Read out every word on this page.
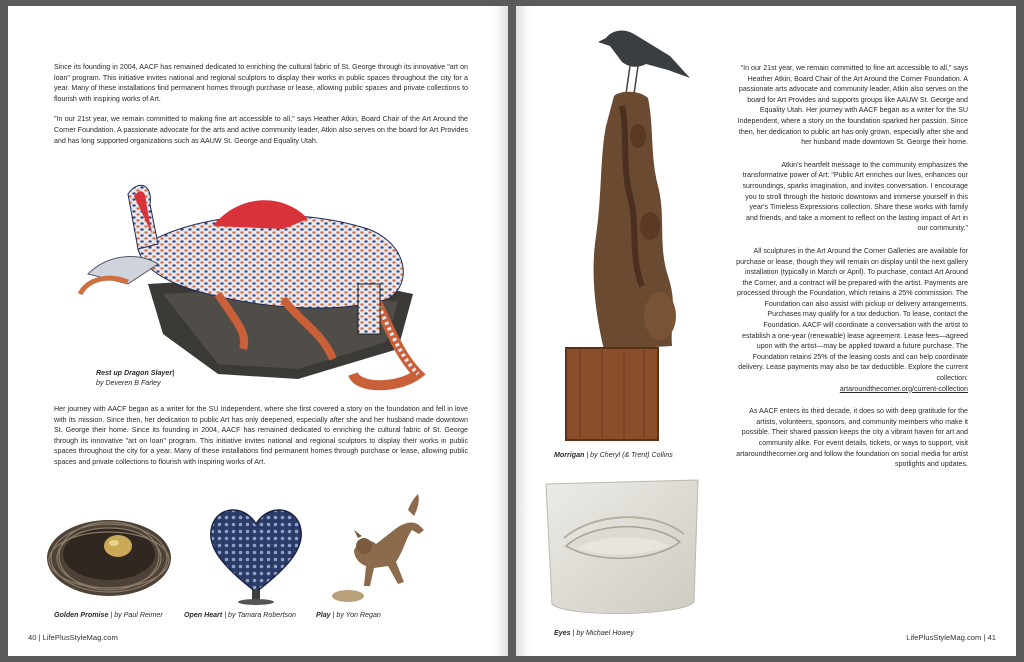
Since its founding in 2004, AACF has remained dedicated to enriching the cultural fabric of St. George through its innovative "art on loan" program. This initiative invites national and regional sculptors to display their works in public spaces throughout the city for a year. Many of these installations find permanent homes through purchase or lease, allowing public spaces and private collections to flourish with inspiring works of Art.

"In our 21st year, we remain committed to making fine art accessible to all," says Heather Atkin, Board Chair of the Art Around the Corner Foundation. A passionate advocate for the arts and active community leader, Atkin also serves on the board for Art Provides and has long supported organizations such as AAUW St. George and Equality Utah.

Rest up Dragon Slayer|
by Deveren B Farley

Her journey with AACF began as a writer for the SU Independent, where she first covered a story on the foundation and fell in love with its mission. Since then, her dedication to public Art has only deepened, especially after she and her husband made downtown St. George their home. Since its founding in 2004, AACF has remained dedicated to enriching the cultural fabric of St. George through its innovative "art on loan" program. This initiative invites national and regional sculptors to display their works in public spaces throughout the city for a year. Many of these installations find permanent homes through purchase or lease, allowing public spaces and private collections to flourish with inspiring works of Art.

Golden Promise | by Paul Reimer	Open Heart | by Tamara Robertson	Play | by Yon Regan
40 | LifePlusStyleMag.com
Morrigan | by Cheryl (& Trent) Collins
Eyes | by Michael Howey

"In our 21st year, we remain committed to fine art accessible to all," says Heather Atkin, Board Chair of the Art Around the Corner Foundation. A passionate arts advocate and community leader, Atkin also serves on the board for Art Provides and supports groups like AAUW St. George and Equality Utah. Her journey with AACF began as a writer for the SU Independent, where a story on the foundation sparked her passion. Since then, her dedication to public art has only grown, especially after she and her husband made downtown St. George their home.

Atkin's heartfelt message to the community emphasizes the transformative power of Art: "Public Art enriches our lives, enhances our surroundings, sparks imagination, and invites conversation. I encourage you to stroll through the historic downtown and immerse yourself in this year's Timeless Expressions collection. Share these works with family and friends, and take a moment to reflect on the lasting impact of Art in our community."

All sculptures in the Art Around the Corner Galleries are available for purchase or lease, though they will remain on display until the next gallery installation (typically in March or April). To purchase, contact Art Around the Corner, and a contract will be prepared with the artist. Payments are processed through the Foundation, which retains a 25% commission. The Foundation can also assist with pickup or delivery arrangements. Purchases may qualify for a tax deduction. To lease, contact the Foundation. AACF will coordinate a conversation with the artist to establish a one-year (renewable) lease agreement. Lease fees—agreed upon with the artist—may be applied toward a future purchase. The Foundation retains 25% of the leasing costs and can help coordinate delivery. Lease payments may also be tax deductible. Explore the current collection:
artaroundthecorner.org/current-collection

As AACF enters its third decade, it does so with deep gratitude for the artists, volunteers, sponsors, and community members who make it possible. Their shared passion keeps the city a vibrant haven for art and community alike. For event details, tickets, or ways to support, visit artaroundthecorner.org and follow the foundation on social media for artist spotlights and updates.

LifePlusStyleMag.com | 41
